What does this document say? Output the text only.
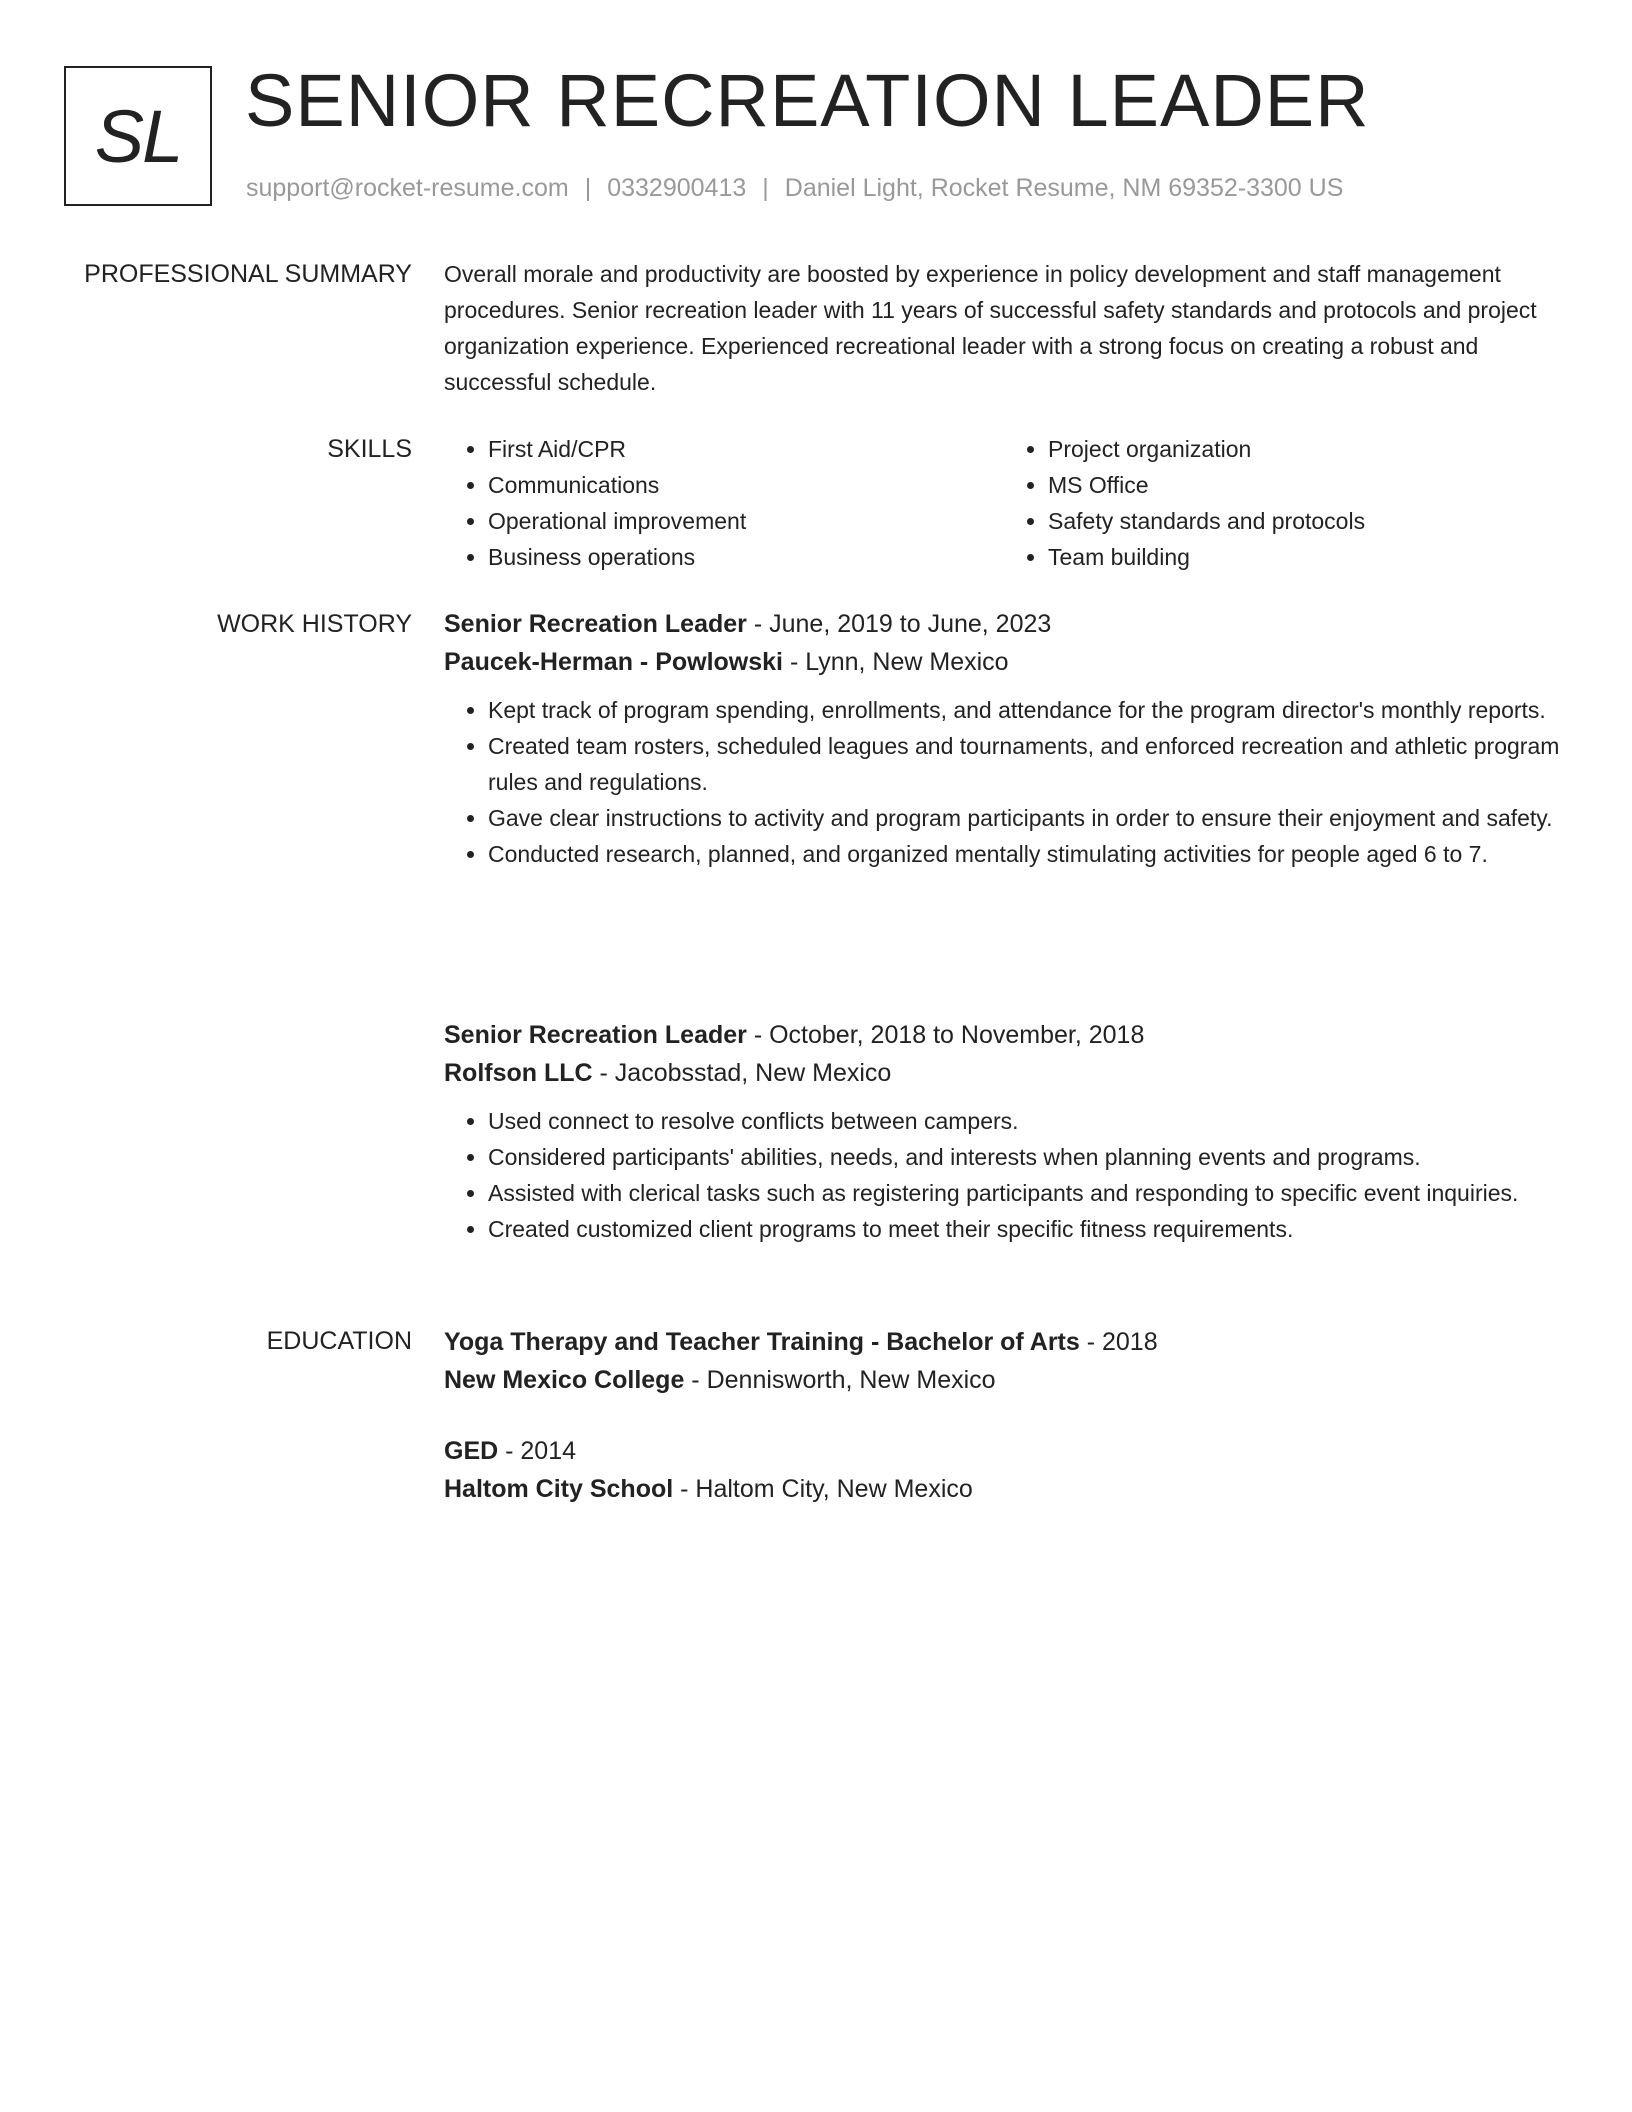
SL SENIOR RECREATION LEADER
support@rocket-resume.com | 0332900413 | Daniel Light, Rocket Resume, NM 69352-3300 US
PROFESSIONAL SUMMARY Overall morale and productivity are boosted by experience in policy development and staff management procedures. Senior recreation leader with 11 years of successful safety standards and protocols and project organization experience. Experienced recreational leader with a strong focus on creating a robust and successful schedule.

SKILLS
•	First Aid/CPR
• Communications
• Operational improvement
• Business operations
• Project organization
• MS Office
• Safety standards and protocols
• Team building
WORK HISTORY Senior Recreation Leader - June, 2019 to June, 2023
Paucek-Herman - Powlowski - Lynn, New Mexico
• Kept track of program spending, enrollments, and attendance for the program director's monthly reports.
• Created team rosters, scheduled leagues and tournaments, and enforced recreation and athletic program rules and regulations.
• Gave clear instructions to activity and program participants in order to ensure their enjoyment and safety.
• Conducted research, planned, and organized mentally stimulating activities for people aged 6 to 7.
Senior Recreation Leader - October, 2018 to November, 2018
Rolfson LLC - Jacobsstad, New Mexico
• Used connect to resolve conflicts between campers.
• Considered participants' abilities, needs, and interests when planning events and programs.
• Assisted with clerical tasks such as registering participants and responding to specific event inquiries.
• Created customized client programs to meet their specific fitness requirements.
EDUCATION Yoga Therapy and Teacher Training - Bachelor of Arts - 2018
New Mexico College - Dennisworth, New Mexico
GED - 2014
Haltom City School - Haltom City, New Mexico
